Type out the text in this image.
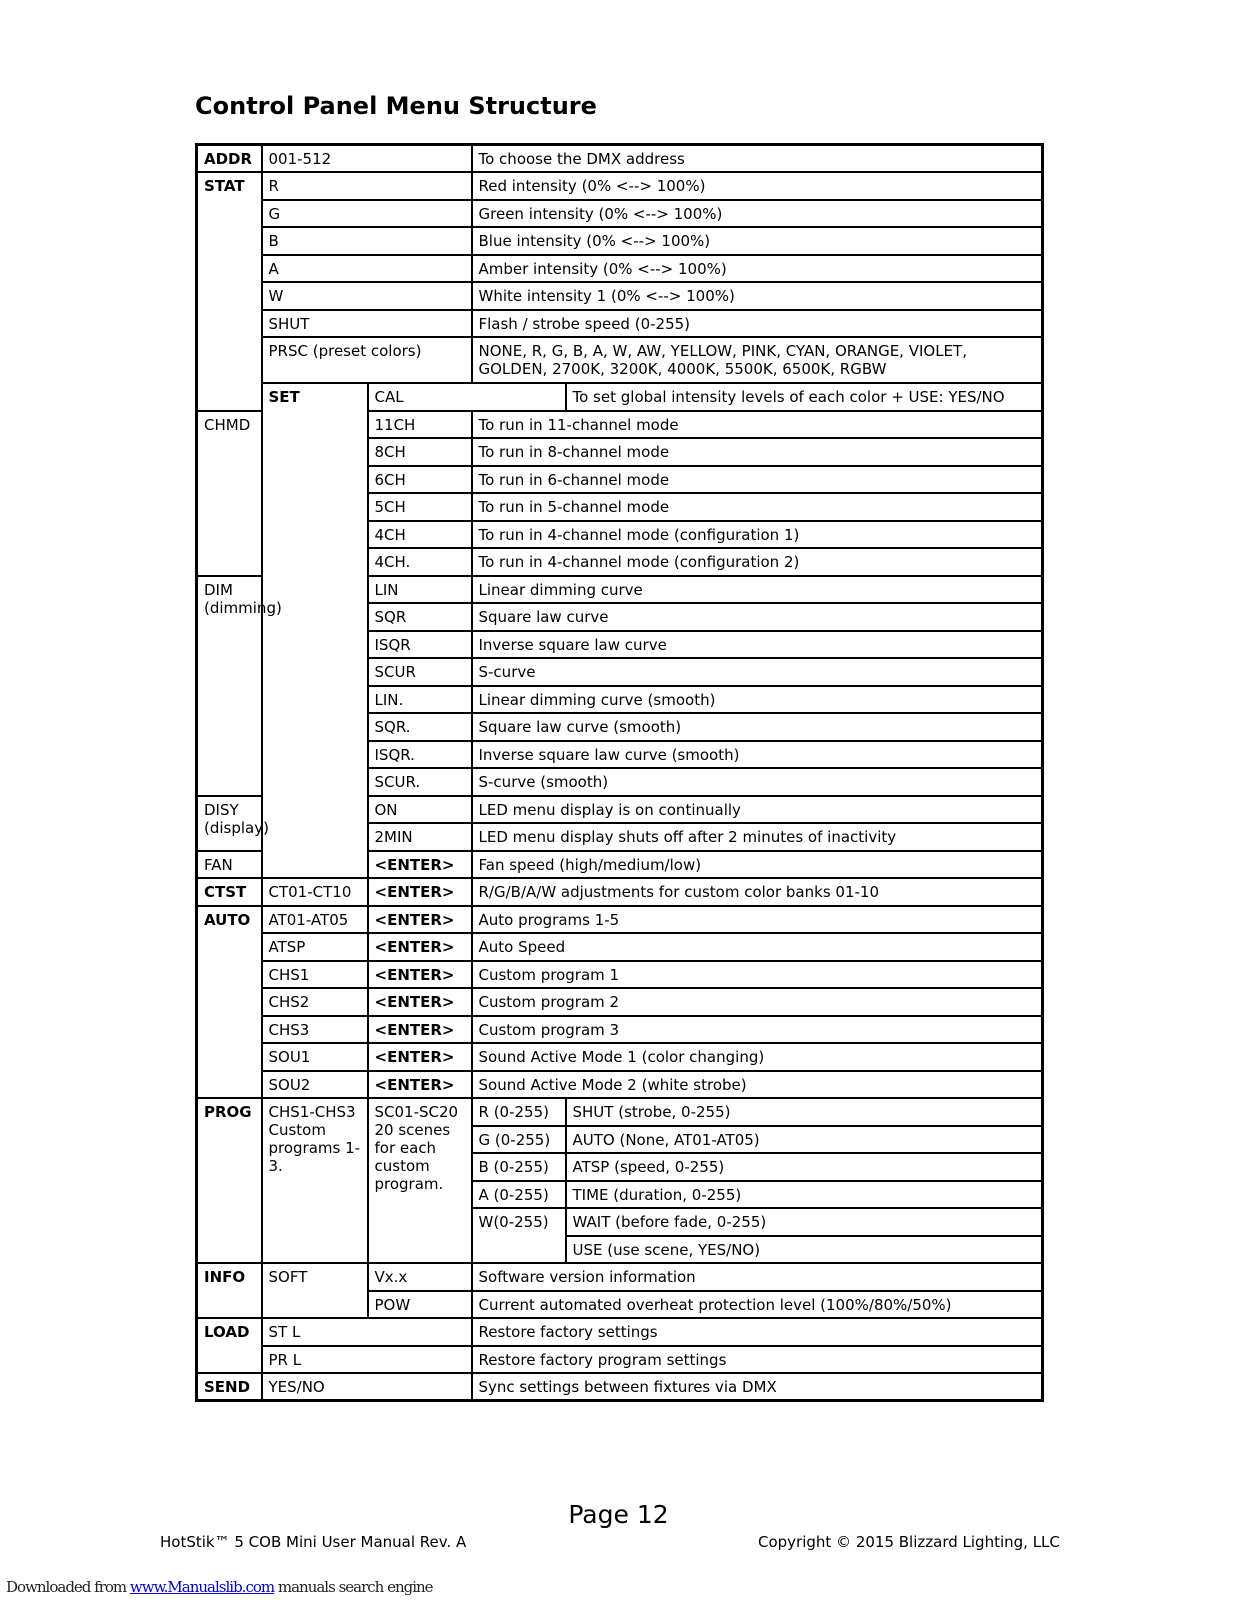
Control Panel Menu Structure
ADDR	001-512		To choose the DMX address	
STAT	R		Red intensity (0% <--> 100%)	
	G		Green intensity (0% <--> 100%)	
	B		Blue intensity (0% <--> 100%)	
	A		Amber intensity (0% <--> 100%)	
	W		White intensity 1 (0% <--> 100%)	
	SHUT		Flash / strobe speed (0-255)	
	PRSC (preset colors)		NONE, R, G, B, A, W, AW, YELLOW, PINK, CYAN, ORANGE, VIOLET, GOLDEN, 2700K, 3200K, 4000K, 5500K, 6500K, RGBW	
	SET	CAL		To set global intensity levels of each color + USE: YES/NO
CHMD		11CH	To run in 11-channel mode	
		8CH	To run in 8-channel mode	
		6CH	To run in 6-channel mode	
		5CH	To run in 5-channel mode	
		4CH	To run in 4-channel mode (configuration 1)	
		4CH.	To run in 4-channel mode (configuration 2)	
DIM (dimming)		LIN	Linear dimming curve	
		SQR	Square law curve	
		ISQR	Inverse square law curve	
		SCUR	S-curve	
		LIN.	Linear dimming curve (smooth)	
		SQR.	Square law curve (smooth)	
		ISQR.	Inverse square law curve (smooth)	
		SCUR.	S-curve (smooth)	
DISY (display)		ON	LED menu display is on continually	
		2MIN	LED menu display shuts off after 2 minutes of inactivity	
FAN		<ENTER>	Fan speed (high/medium/low)	
CTST	CT01-CT10	<ENTER>	R/G/B/A/W adjustments for custom color banks 01-10	
AUTO	AT01-AT05	<ENTER>	Auto programs 1-5	
	ATSP	<ENTER>	Auto Speed	
	CHS1	<ENTER>	Custom program 1	
	CHS2	<ENTER>	Custom program 2	
	CHS3	<ENTER>	Custom program 3	
	SOU1	<ENTER>	Sound Active Mode 1 (color changing)	
	SOU2	<ENTER>	Sound Active Mode 2 (white strobe)	
PROG	CHS1-CHS3 Custom programs 1-3.	SC01-SC20 20 scenes for each custom program.	R (0-255)	SHUT (strobe, 0-255)
			G (0-255)	AUTO (None, AT01-AT05)
			B (0-255)	ATSP (speed, 0-255)
			A (0-255)	TIME (duration, 0-255)
			W(0-255)	WAIT (before fade, 0-255)
				USE (use scene, YES/NO)
INFO	SOFT	Vx.x	Software version information	
		POW	Current automated overheat protection level (100%/80%/50%)	
LOAD	ST L		Restore factory settings	
	PR L		Restore factory program settings	
SEND	YES/NO		Sync settings between fixtures via DMX	
Page 12
HotStik™ 5 COB Mini User Manual Rev. A	Copyright © 2015 Blizzard Lighting, LLC
Downloaded from www.Manualslib.com manuals search engine
